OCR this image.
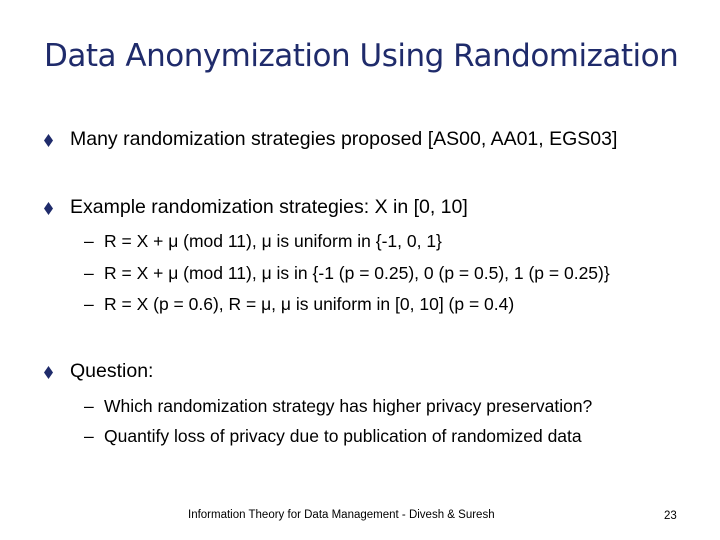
Data Anonymization Using Randomization
Many randomization strategies proposed [AS00, AA01, EGS03]
Example randomization strategies: X in [0, 10]
– R = X + μ (mod 11), μ is uniform in {-1, 0, 1}
– R = X + μ (mod 11), μ is in {-1 (p = 0.25), 0 (p = 0.5), 1 (p = 0.25)}
– R = X (p = 0.6), R = μ, μ is uniform in [0, 10] (p = 0.4)
Question:
– Which randomization strategy has higher privacy preservation?
– Quantify loss of privacy due to publication of randomized data
Information Theory for Data Management - Divesh & Suresh	23
